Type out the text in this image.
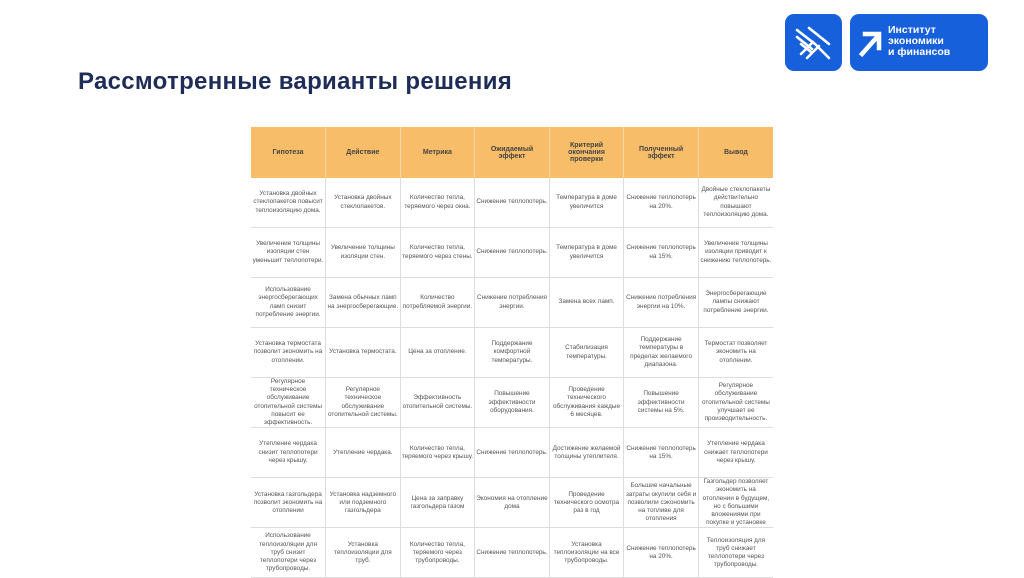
Рассмотренные варианты решения
Институт
экономики
и финансов
Гипотеза	Действие	Метрика	Ожидаемый эффект	Критерий окончания проверки	Полученный эффект	Вывод
Установка двойных стеклопакетов повысит теплоизоляцию дома.	Установка двойных стеклопакетов.	Количество тепла, теряемого через окна.	Снижение теплопотерь.	Температура в доме увеличится	Снижение теплопотерь на 20%.	Двойные стеклопакеты действительно повышают теплоизоляцию дома.
Увеличение толщины изоляции стен уменьшит теплопотери.	Увеличение толщины изоляции стен.	Количество тепла, теряемого через стены.	Снижение теплопотерь.	Температура в доме увеличится	Снижение теплопотерь на 15%.	Увеличение толщины изоляции приводит к снижению теплопотерь.
Использование энергосберегающих ламп снизит потребление энергии.	Замена обычных ламп на энергосберегающие.	Количество потребляемой энергии.	Снижение потребления энергии.	Замена всех ламп.	Снижение потребления энергии на 10%.	Энергосберегающие лампы снижают потребление энергии.
Установка термостата позволит экономить на отоплении.	Установка термостата.	Цена за отопление.	Поддержание комфортной температуры.	Стабилизация температуры.	Поддержание температуры в пределах желаемого диапазона.	Термостат позволяет экономить на отоплении.
Регулярное техническое обслуживание отопительной системы повысит ее эффективность.	Регулярное техническое обслуживание отопительной системы.	Эффективность отопительной системы.	Повышение эффективности оборудования.	Проведение технического обслуживания каждые 6 месяцев.	Повышение эффективности системы на 5%.	Регулярное обслуживание отопительной системы улучшает ее производительность.
Утепление чердака снизит теплопотери через крышу.	Утепление чердака.	Количество тепла, теряемого через крышу.	Снижение теплопотерь.	Достижение желаемой толщины утеплителя.	Снижение теплопотерь на 15%.	Утепление чердака снижает теплопотери через крышу.
Установка газгольдера позволит экономить на отоплении	Установка надземного или подземного газгольдера	Цена за заправку газгольдера газом	Экономия на отопление дома	Проведение технического осмотра раз в год	Большие начальные затраты окупили себя и позволили сэкономить на топливе для отопления	Газгольдер позволяет экономить на отоплении в будущем, но с большими вложениями при покупке и установке
Использование теплоизоляции для труб снизит теплопотери через трубопроводы.	Установка теплоизоляции для труб.	Количество тепла, теряемого через трубопроводы.	Снижение теплопотерь.	Установка теплоизоляции на все трубопроводы.	Снижение теплопотерь на 20%.	Теплоизоляция для труб снижает теплопотери через трубопроводы.
